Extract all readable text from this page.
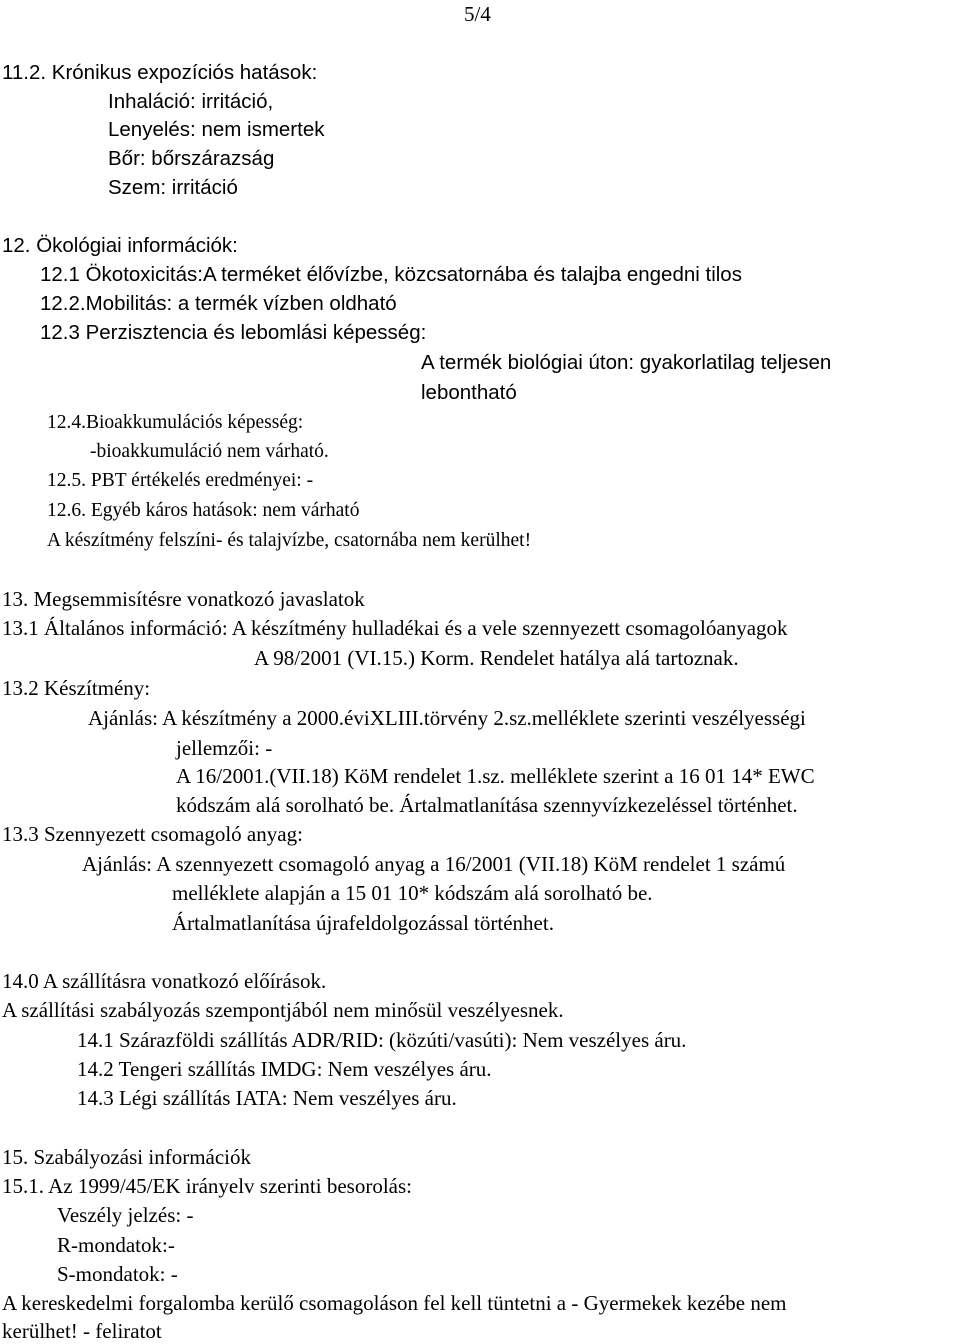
5/4
11.2. Krónikus expozíciós hatások:
Inhaláció: irritáció,
Lenyelés: nem ismertek
Bőr: bőrszárazság
Szem: irritáció
12. Ökológiai információk:
12.1 Ökotoxicitás:A terméket élővízbe, közcsatornába és talajba engedni tilos
12.2.Mobilitás: a termék vízben oldható
12.3 Perzisztencia és lebomlási képesség:
A termék biológiai úton: gyakorlatilag teljesen
lebontható
12.4.Bioakkumulációs képesség:
-bioakkumuláció nem várható.
12.5. PBT értékelés eredményei: -
12.6. Egyéb káros hatások: nem várható
A készítmény felszíni- és talajvízbe, csatornába nem kerülhet!
13. Megsemmisítésre vonatkozó javaslatok
13.1 Általános információ: A készítmény hulladékai és a vele szennyezett csomagolóanyagok
A 98/2001 (VI.15.) Korm. Rendelet hatálya alá tartoznak.
13.2 Készítmény:
Ajánlás: A készítmény a 2000.éviXLIII.törvény 2.sz.melléklete szerinti veszélyességi
jellemzői: -
A 16/2001.(VII.18) KöM rendelet 1.sz. melléklete szerint a 16 01 14* EWC
kódszám alá sorolható be. Ártalmatlanítása szennyvízkezeléssel történhet.
13.3 Szennyezett csomagoló anyag:
Ajánlás: A szennyezett csomagoló anyag a 16/2001 (VII.18) KöM rendelet 1 számú
melléklete alapján a 15 01 10* kódszám alá sorolható be.
Ártalmatlanítása újrafeldolgozással történhet.
14.0 A szállításra vonatkozó előírások.
A szállítási szabályozás szempontjából nem minősül veszélyesnek.
14.1 Szárazföldi szállítás ADR/RID: (közúti/vasúti): Nem veszélyes áru.
14.2 Tengeri szállítás IMDG: Nem veszélyes áru.
14.3 Légi szállítás IATA: Nem veszélyes áru.
15. Szabályozási információk
15.1. Az 1999/45/EK irányelv szerinti besorolás:
Veszély jelzés: -
R-mondatok:-
S-mondatok: -
A kereskedelmi forgalomba kerülő csomagoláson fel kell tüntetni a - Gyermekek kezébe nem
kerülhet! - feliratot
